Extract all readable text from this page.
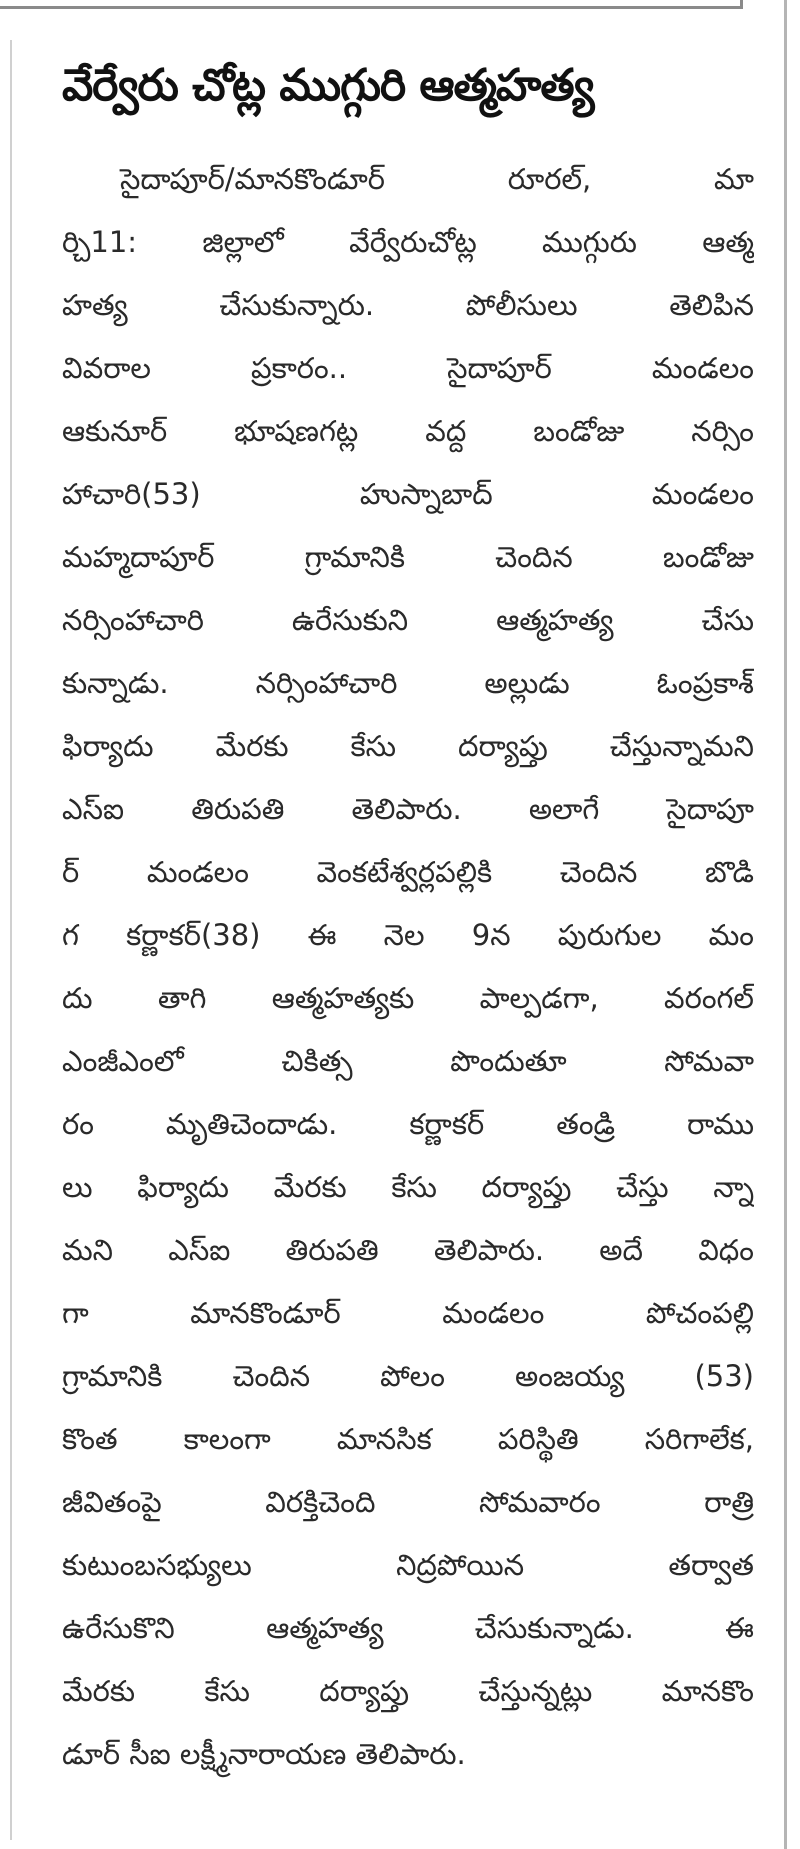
వేర్వేరు చోట్ల ముగ్గురి ఆత్మహత్య
సైదాపూర్/మానకొండూర్ రూరల్, మా
ర్చి11: జిల్లాలో వేర్వేరుచోట్ల ముగ్గురు ఆత్మ
హత్య చేసుకున్నారు. పోలీసులు తెలిపిన
వివరాల ప్రకారం.. సైదాపూర్ మండలం
ఆకునూర్ భూషణగట్ల వద్ద బండోజు నర్సిం
హాచారి(53) హుస్నాబాద్ మండలం
మహ్మదాపూర్ గ్రామానికి చెందిన బండోజు
నర్సింహాచారి ఉరేసుకుని ఆత్మహత్య చేసు
కున్నాడు. నర్సింహాచారి అల్లుడు ఓంప్రకాశ్
ఫిర్యాదు మేరకు కేసు దర్యాప్తు చేస్తున్నామని
ఎస్ఐ తిరుపతి తెలిపారు. అలాగే సైదాపూ
ర్ మండలం వెంకటేశ్వర్లపల్లికి చెందిన బొడి
గ కర్ణాకర్(38) ఈ నెల 9న పురుగుల మం
దు తాగి ఆత్మహత్యకు పాల్పడగా, వరంగల్
ఎంజీఎంలో చికిత్స పొందుతూ సోమవా
రం మృతిచెందాడు. కర్ణాకర్ తండ్రి రాము
లు ఫిర్యాదు మేరకు కేసు దర్యాప్తు చేస్తు న్నా
మని ఎస్ఐ తిరుపతి తెలిపారు. అదే విధం
గా మానకొండూర్ మండలం పోచంపల్లి
గ్రామానికి చెందిన పోలం అంజయ్య (53)
కొంత కాలంగా మానసిక పరిస్థితి సరిగాలేక,
జీవితంపై విరక్తిచెంది సోమవారం రాత్రి
కుటుంబసభ్యులు నిద్రపోయిన తర్వాత
ఉరేసుకొని ఆత్మహత్య చేసుకున్నాడు. ఈ
మేరకు కేసు దర్యాప్తు చేస్తున్నట్లు మానకొం
డూర్ సీఐ లక్ష్మీనారాయణ తెలిపారు.
